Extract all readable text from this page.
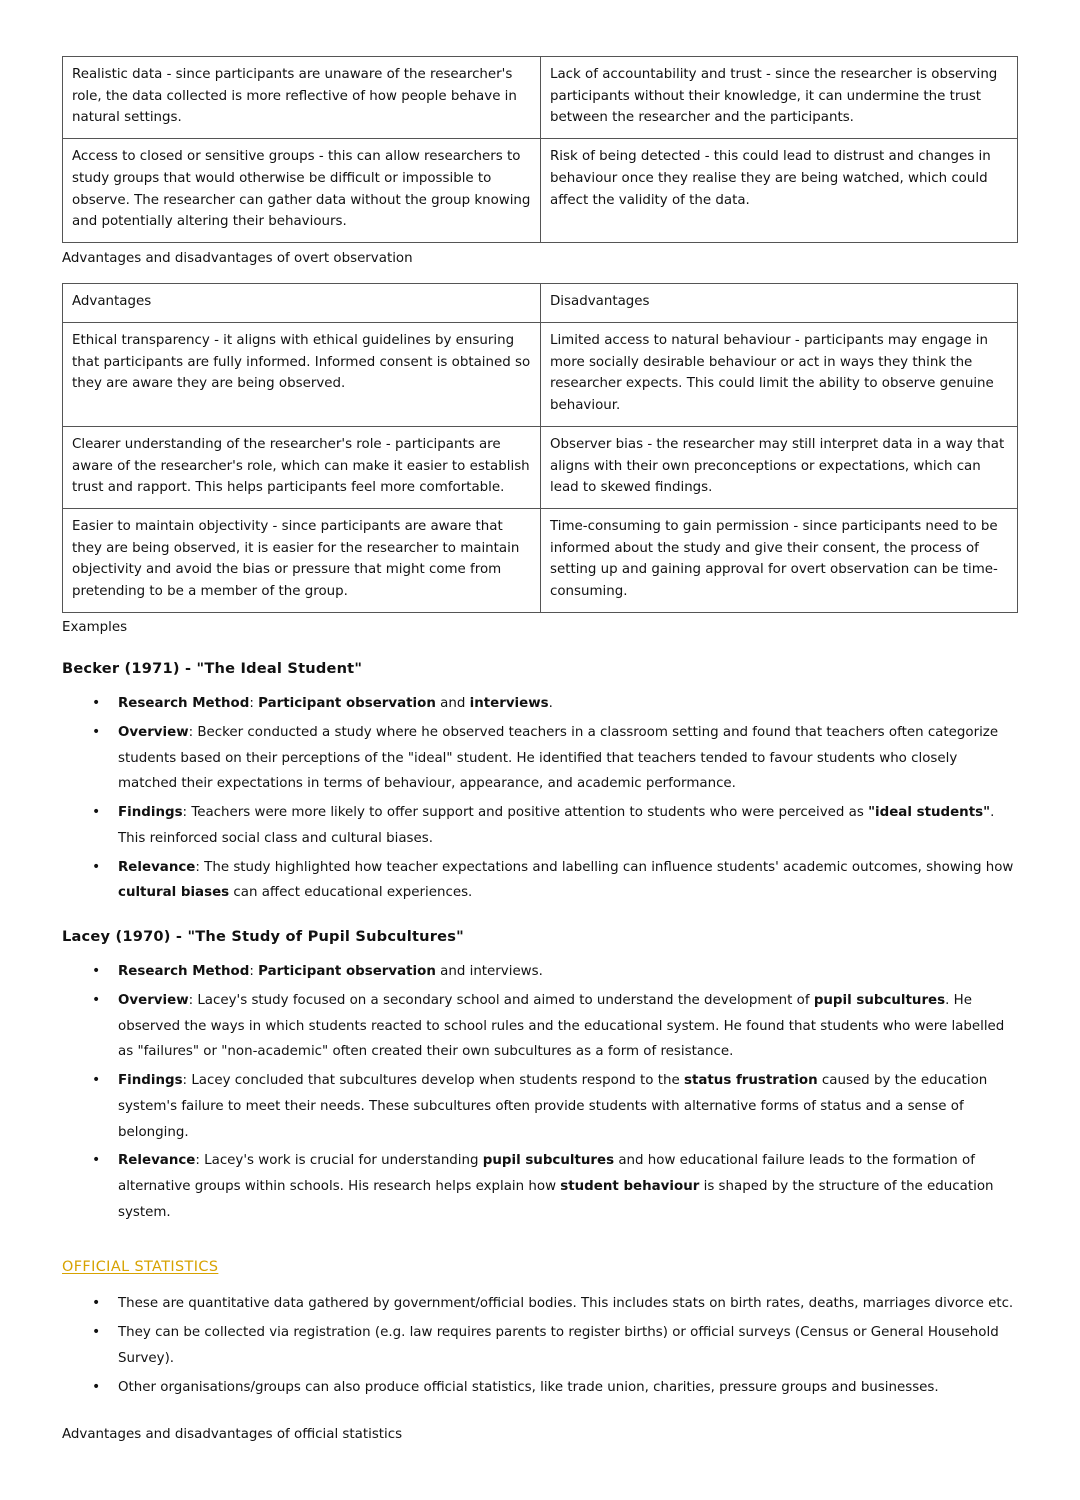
Realistic data - since participants are unaware of the researcher's role, the data collected is more reflective of how people behave in natural settings.	Lack of accountability and trust - since the researcher is observing participants without their knowledge, it can undermine the trust between the researcher and the participants.
Access to closed or sensitive groups - this can allow researchers to study groups that would otherwise be difficult or impossible to observe. The researcher can gather data without the group knowing and potentially altering their behaviours.	Risk of being detected - this could lead to distrust and changes in behaviour once they realise they are being watched, which could affect the validity of the data.
Advantages and disadvantages of overt observation
Advantages	Disadvantages
Ethical transparency - it aligns with ethical guidelines by ensuring that participants are fully informed. Informed consent is obtained so they are aware they are being observed.	Limited access to natural behaviour - participants may engage in more socially desirable behaviour or act in ways they think the researcher expects. This could limit the ability to observe genuine behaviour.
Clearer understanding of the researcher's role - participants are aware of the researcher's role, which can make it easier to establish trust and rapport. This helps participants feel more comfortable.	Observer bias - the researcher may still interpret data in a way that aligns with their own preconceptions or expectations, which can lead to skewed findings.
Easier to maintain objectivity - since participants are aware that they are being observed, it is easier for the researcher to maintain objectivity and avoid the bias or pressure that might come from pretending to be a member of the group.	Time-consuming to gain permission - since participants need to be informed about the study and give their consent, the process of setting up and gaining approval for overt observation can be time-consuming.
Examples
Becker (1971) - "The Ideal Student"
• Research Method: Participant observation and interviews.
• Overview: Becker conducted a study where he observed teachers in a classroom setting and found that teachers often categorize students based on their perceptions of the "ideal" student. He identified that teachers tended to favour students who closely matched their expectations in terms of behaviour, appearance, and academic performance.
• Findings: Teachers were more likely to offer support and positive attention to students who were perceived as "ideal students". This reinforced social class and cultural biases.
• Relevance: The study highlighted how teacher expectations and labelling can influence students' academic outcomes, showing how cultural biases can affect educational experiences.
Lacey (1970) - "The Study of Pupil Subcultures"
• Research Method: Participant observation and interviews.
• Overview: Lacey's study focused on a secondary school and aimed to understand the development of pupil subcultures. He observed the ways in which students reacted to school rules and the educational system. He found that students who were labelled as "failures" or "non-academic" often created their own subcultures as a form of resistance.
• Findings: Lacey concluded that subcultures develop when students respond to the status frustration caused by the education system's failure to meet their needs. These subcultures often provide students with alternative forms of status and a sense of belonging.
• Relevance: Lacey's work is crucial for understanding pupil subcultures and how educational failure leads to the formation of alternative groups within schools. His research helps explain how student behaviour is shaped by the structure of the education system.
OFFICIAL STATISTICS
• These are quantitative data gathered by government/official bodies. This includes stats on birth rates, deaths, marriages divorce etc.
• They can be collected via registration (e.g. law requires parents to register births) or official surveys (Census or General Household Survey).
• Other organisations/groups can also produce official statistics, like trade union, charities, pressure groups and businesses.
Advantages and disadvantages of official statistics
